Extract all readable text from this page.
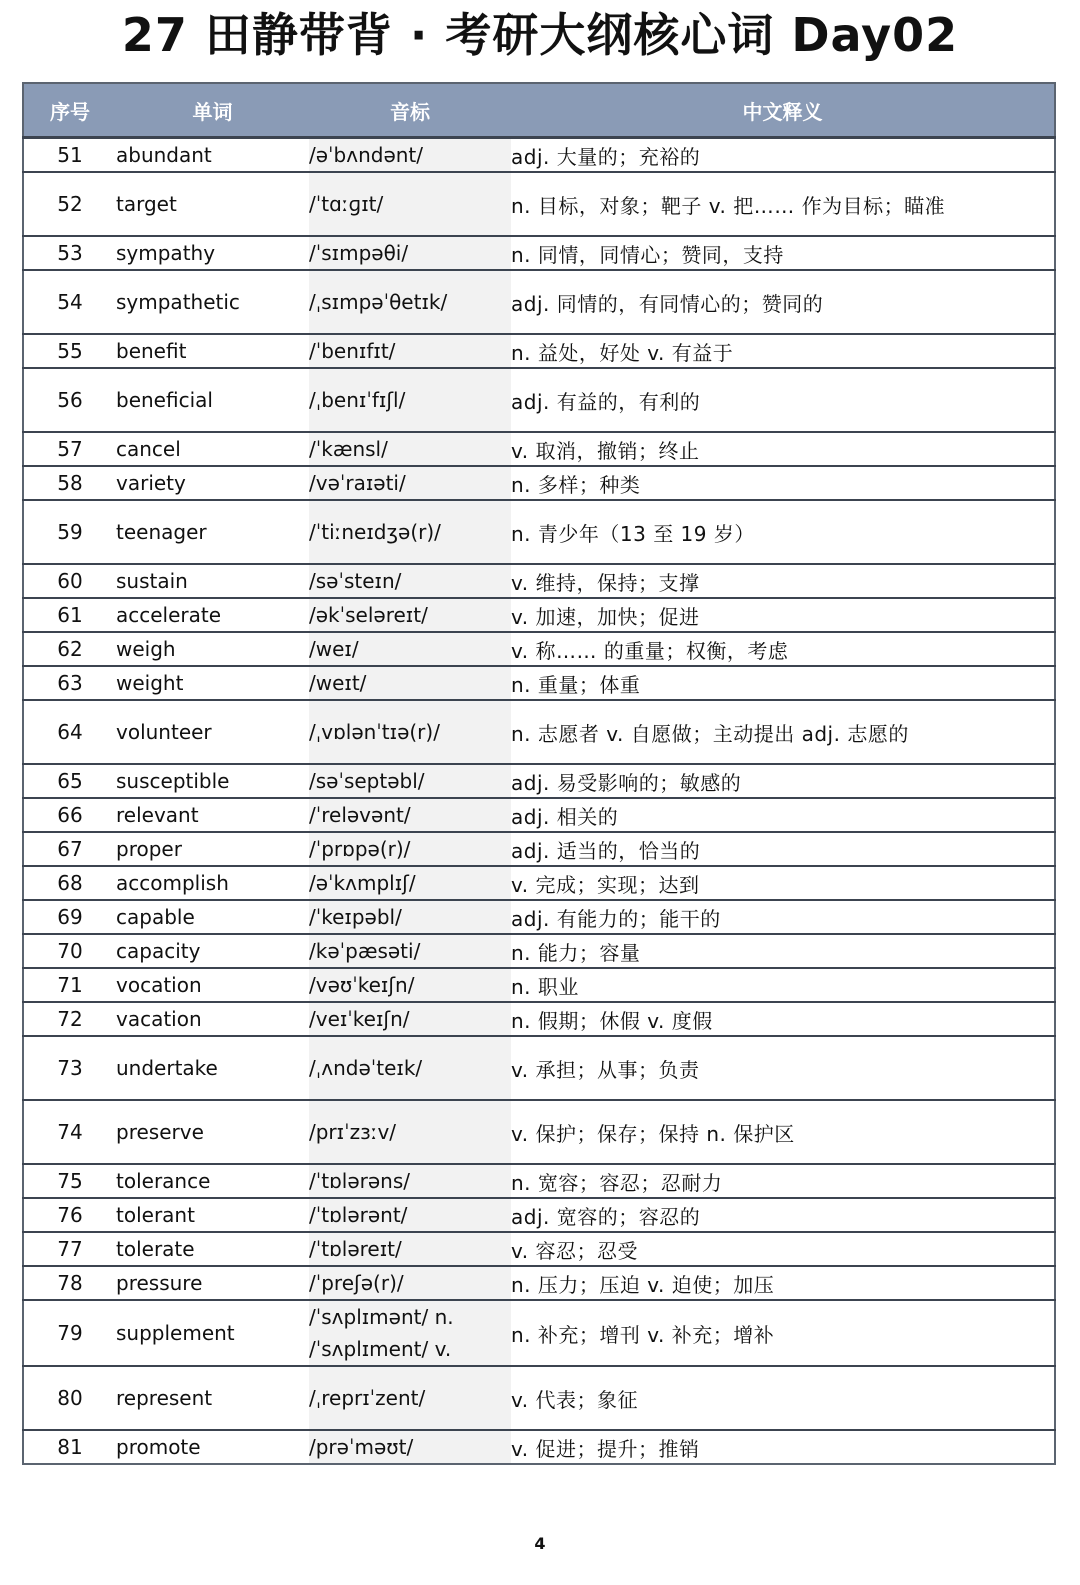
27 田静带背 · 考研大纲核心词 Day02
序号	单词	音标	中文释义
51	abundant	/əˈbʌndənt/	adj. 大量的；充裕的
52	target	/ˈtɑːɡɪt/	n. 目标，对象；靶子 v. 把…… 作为目标；瞄准
53	sympathy	/ˈsɪmpəθi/	n. 同情，同情心；赞同，支持
54	sympathetic	/ˌsɪmpəˈθetɪk/	adj. 同情的，有同情心的；赞同的
55	benefit	/ˈbenɪfɪt/	n. 益处，好处 v. 有益于
56	beneficial	/ˌbenɪˈfɪʃl/	adj. 有益的，有利的
57	cancel	/ˈkænsl/	v. 取消，撤销；终止
58	variety	/vəˈraɪəti/	n. 多样；种类
59	teenager	/ˈtiːneɪdʒə(r)/	n. 青少年（13 至 19 岁）
60	sustain	/səˈsteɪn/	v. 维持，保持；支撑
61	accelerate	/əkˈseləreɪt/	v. 加速，加快；促进
62	weigh	/weɪ/	v. 称…… 的重量；权衡，考虑
63	weight	/weɪt/	n. 重量；体重
64	volunteer	/ˌvɒlənˈtɪə(r)/	n. 志愿者 v. 自愿做；主动提出 adj. 志愿的
65	susceptible	/səˈseptəbl/	adj. 易受影响的；敏感的
66	relevant	/ˈreləvənt/	adj. 相关的
67	proper	/ˈprɒpə(r)/	adj. 适当的，恰当的
68	accomplish	/əˈkʌmplɪʃ/	v. 完成；实现；达到
69	capable	/ˈkeɪpəbl/	adj. 有能力的；能干的
70	capacity	/kəˈpæsəti/	n. 能力；容量
71	vocation	/vəʊˈkeɪʃn/	n. 职业
72	vacation	/veɪˈkeɪʃn/	n. 假期；休假 v. 度假
73	undertake	/ˌʌndəˈteɪk/	v. 承担；从事；负责
74	preserve	/prɪˈzɜːv/	v. 保护；保存；保持 n. 保护区
75	tolerance	/ˈtɒlərəns/	n. 宽容；容忍；忍耐力
76	tolerant	/ˈtɒlərənt/	adj. 宽容的；容忍的
77	tolerate	/ˈtɒləreɪt/	v. 容忍；忍受
78	pressure	/ˈpreʃə(r)/	n. 压力；压迫 v. 迫使；加压
79	supplement	/ˈsʌplɪmənt/ n.
/ˈsʌplɪment/ v.	n. 补充；增刊 v. 补充；增补
80	represent	/ˌreprɪˈzent/	v. 代表；象征
81	promote	/prəˈməʊt/	v. 促进；提升；推销
4
